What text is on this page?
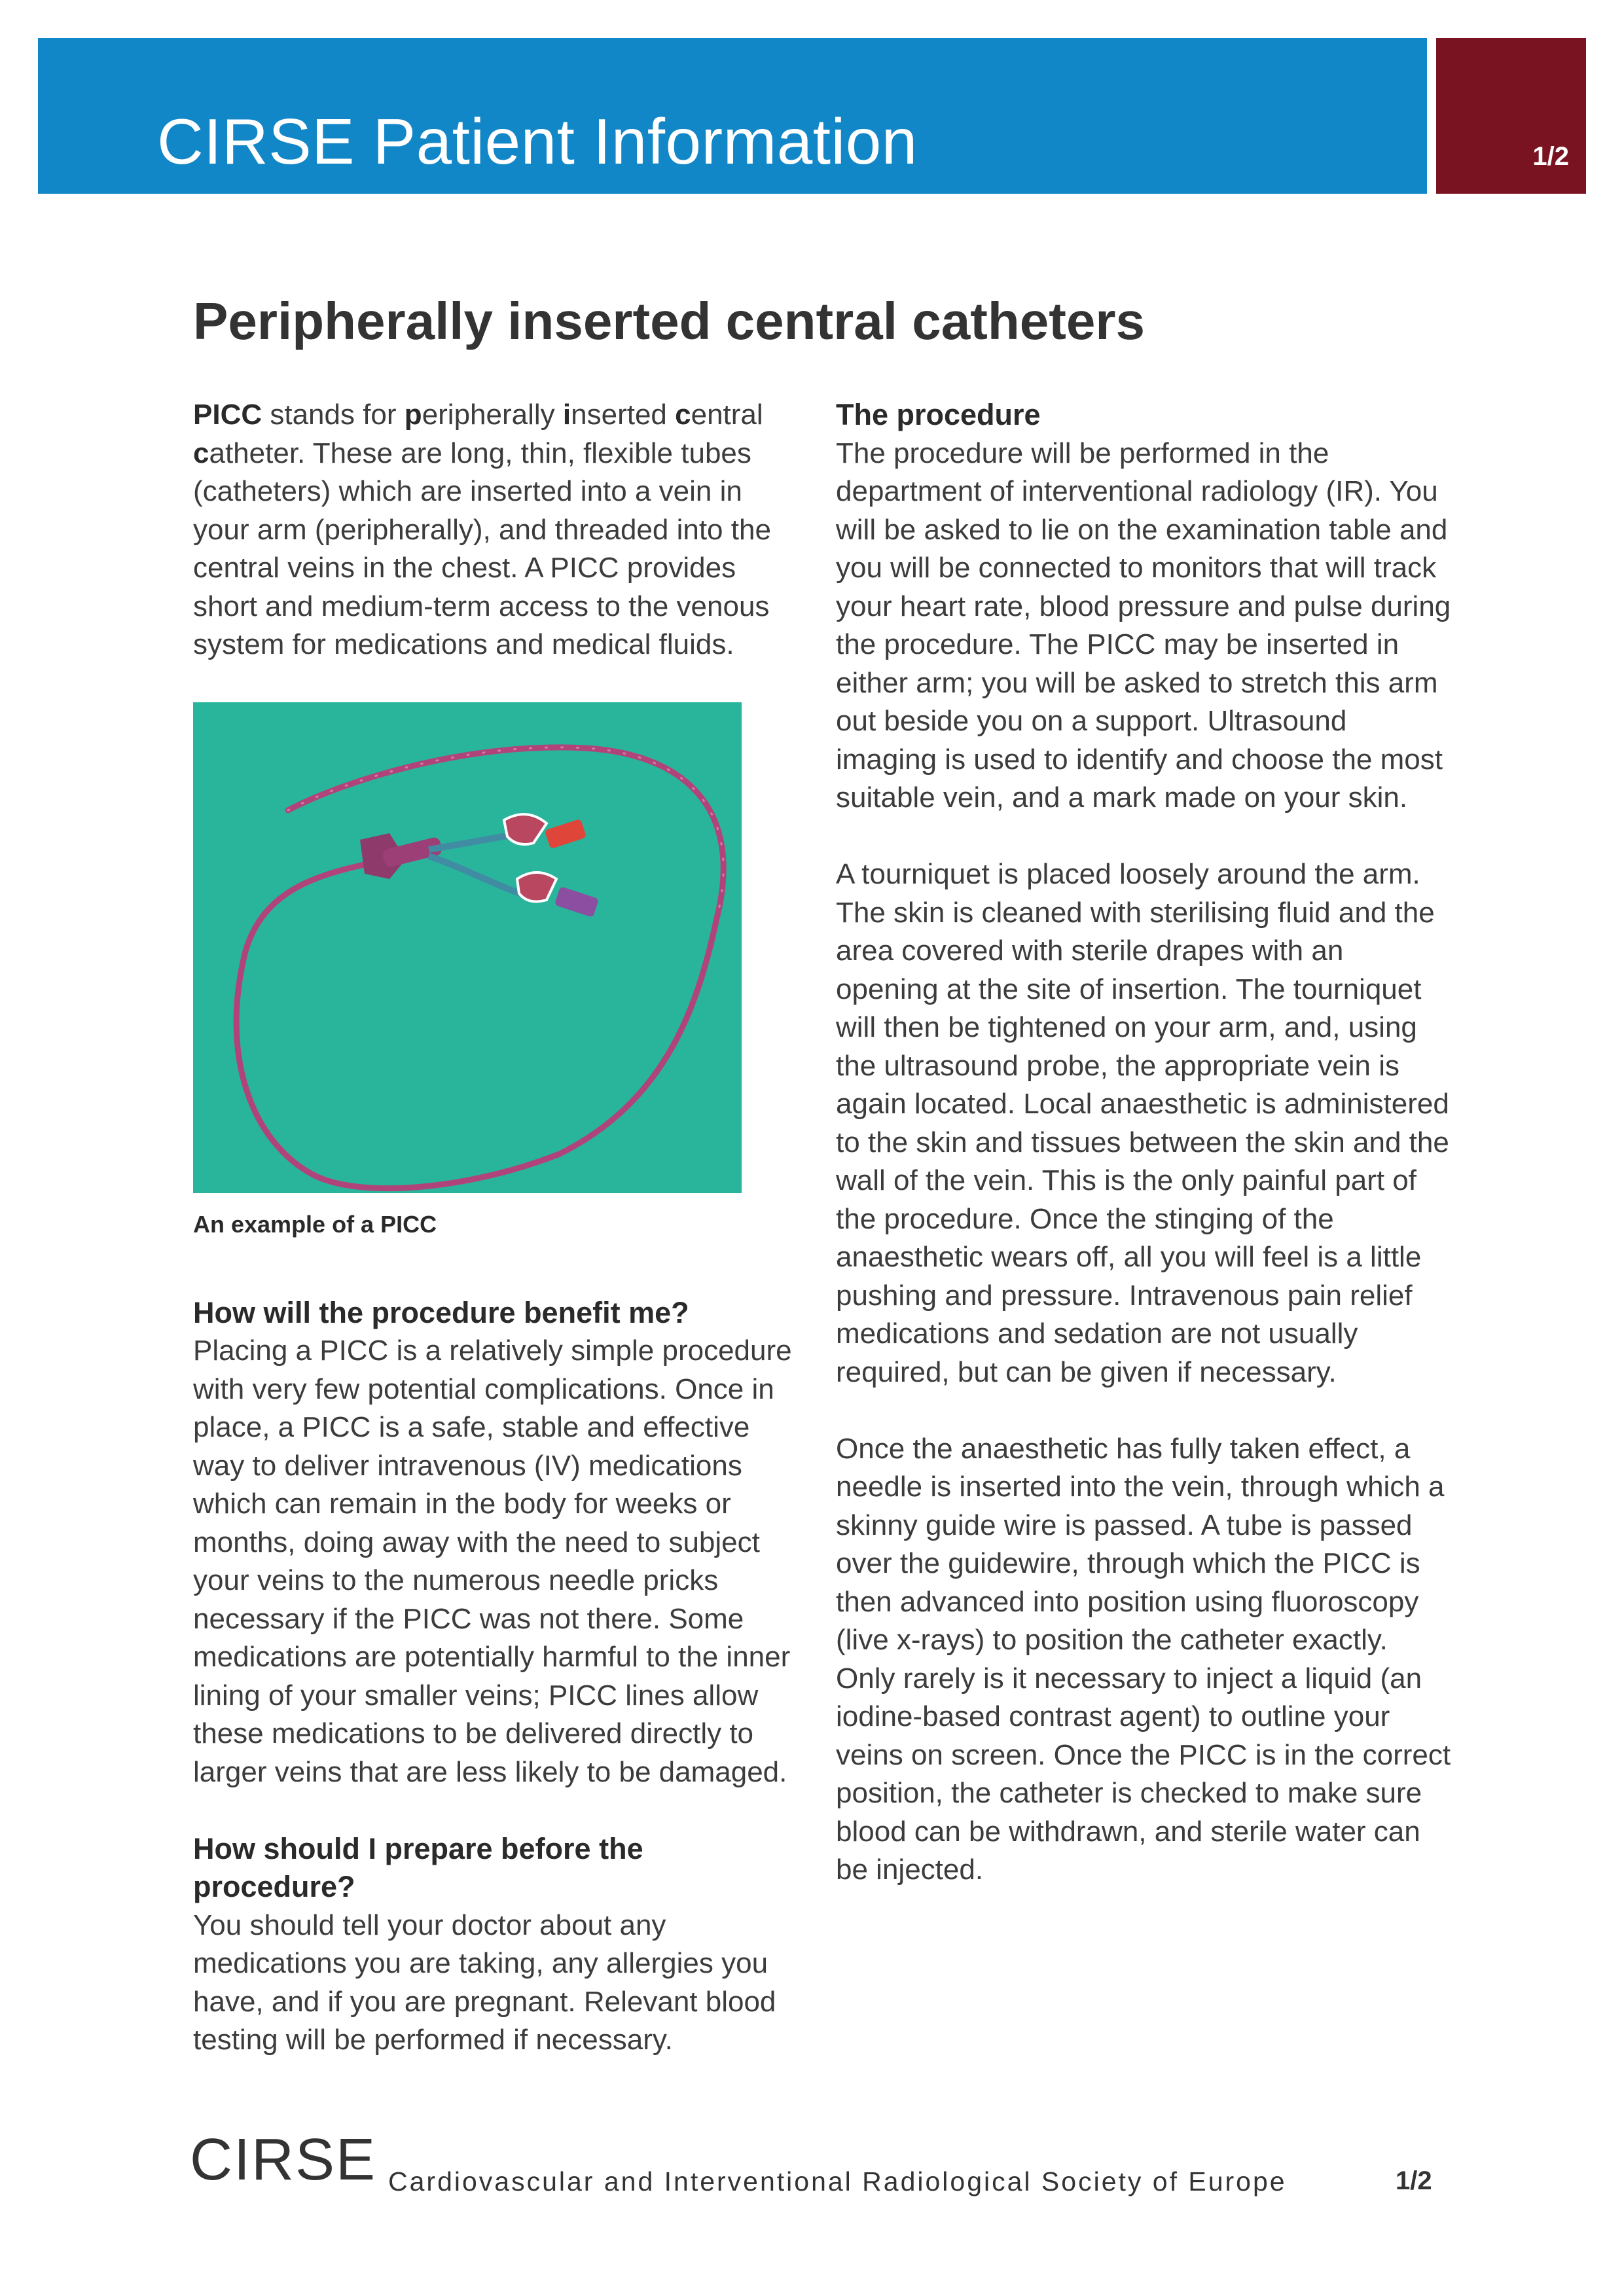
CIRSE Patient Information	1/2
Peripherally inserted central catheters

PICC stands for peripherally inserted central
catheter. These are long, thin, flexible tubes (catheters) which are inserted into a vein in your arm (peripherally), and threaded into the central veins in the chest. A PICC provides short and medium-term access to the venous system for medications and medical fluids.

An example of a PICC
How will the procedure benefit me?

Placing a PICC is a relatively simple procedure with very few potential complications. Once in place, a PICC is a safe, stable and effective way to deliver intravenous (IV) medications which can remain in the body for weeks or months, doing away with the need to subject your veins to the numerous needle pricks necessary if the PICC was not there. Some medications are potentially harmful to the inner lining of your smaller veins; PICC lines allow these medications to be delivered directly to larger veins that are less likely to be damaged.

How should I prepare before the procedure?

You should tell your doctor about any medications you are taking, any allergies you have, and if you are pregnant. Relevant blood testing will be performed if necessary.

The procedure

The procedure will be performed in the department of interventional radiology (IR). You will be asked to lie on the examination table and you will be connected to monitors that will track your heart rate, blood pressure and pulse during the procedure. The PICC may be inserted in either arm; you will be asked to stretch this arm out beside you on a support. Ultrasound imaging is used to identify and choose the most suitable vein, and a mark made on your skin.

A tourniquet is placed loosely around the arm. The skin is cleaned with sterilising fluid and the area covered with sterile drapes with an opening at the site of insertion. The tourniquet will then be tightened on your arm, and, using the ultrasound probe, the appropriate vein is again located. Local anaesthetic is administered to the skin and tissues between the skin and the wall of the vein. This is the only painful part of the procedure. Once the stinging of the anaesthetic wears off, all you will feel is a little pushing and pressure. Intravenous pain relief medications and sedation are not usually required, but can be given if necessary.

Once the anaesthetic has fully taken effect, a needle is inserted into the vein, through which a skinny guide wire is passed. A tube is passed over the guidewire, through which the PICC is then advanced into position using fluoroscopy (live x-rays) to position the catheter exactly. Only rarely is it necessary to inject a liquid (an iodine-based contrast agent) to outline your veins on screen. Once the PICC is in the correct position, the catheter is checked to make sure blood can be withdrawn, and sterile water can be injected.

CIRSE Cardiovascular and Interventional Radiological Society of Europe	1/2
